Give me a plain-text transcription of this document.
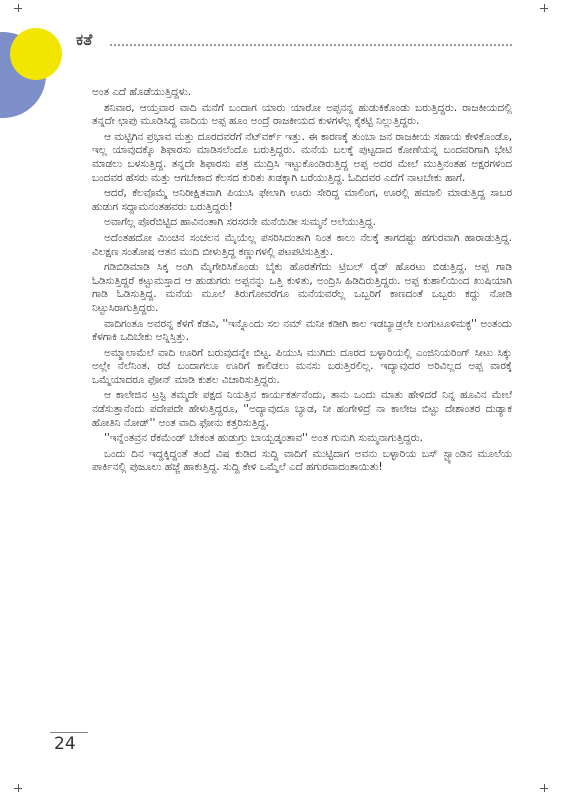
ಕತೆ

ಅಂತ ಎದೆ ಹೊಡೆಯುತ್ತಿದ್ದಳು.

ಶನಿವಾರ, ಆಯ್ತವಾರ ವಾದಿ ಮನೆಗೆ ಬಂದಾಗ ಯಾರು ಯಾರೋ ಅಪ್ಪನನ್ನ ಹುಡುಕಿಕೊಂಡು ಬರುತ್ತಿದ್ದರು. ರಾಜಕೀಯದಲ್ಲಿ ತನ್ನದೇ ಛಾಪು ಮೂಡಿಸಿದ್ದ ವಾದಿಯ ಅಪ್ಪ ಹೂಂ ಅಂದ್ರೆ ರಾಜಕೀಯದ ಕುಳಗಳೆಲ್ಲ ಕೈಕಟ್ಟಿ ನಿಲ್ಲುತ್ತಿದ್ದರು.

ಆ ಮಟ್ಟಿಗಿನ ಪ್ರಭಾವ ಮತ್ತು ದೂರದವರೆಗೆ ನೆಟ್‌ವರ್ಕ್ ಇತ್ತು. ಈ ಕಾರಣಕ್ಕೆ ತುಂಬಾ ಜನ ರಾಜಕೀಯ ಸಹಾಯ ಕೇಳಿಕೊಂಡೊ, ಇಲ್ಲ ಯಾವುದಕ್ಕೊ ಶಿಫಾರಸು ಮಾಡಿಸಲೆಂದೊ ಬರುತ್ತಿದ್ದರು. ಮನೆಯ ಬಲಕ್ಕೆ ಪುಟ್ಟದಾದ ಕೋಣೆಯನ್ನ ಬಂದವರಿಗಾಗಿ ಭೇಟಿ ಮಾಡಲು ಬಳಸುತ್ತಿದ್ದ. ತನ್ನದೇ ಶಿಫಾರಸು ಪತ್ರ ಮುದ್ರಿಸಿ ಇಟ್ಟುಕೊಂಡಿರುತ್ತಿದ್ದ ಅಪ್ಪ ಅದರ ಮೇಲೆ ಮುತ್ತಿನಂತಹ ಅಕ್ಷರಗಳಿಂದ ಬಂದವರ ಹೆಸರು ಮತ್ತು ಆಗಬೇಕಾದ ಕೆಲಸದ ಕುರಿತು ಖಡಕ್ಕಾಗಿ ಬರೆಯುತ್ತಿದ್ದ. ಓದಿದವರ ಎದೆಗೆ ನಾಟಬೇಕು ಹಾಗೆ.

ಆದರೆ, ಕೆಲವೊಮ್ಮೆ ಅನಿರೀಕ್ಷಿತವಾಗಿ ಪಿಯುಸಿ ಫೇಲಾಗಿ ಊರು ಸೇರಿದ್ದ ಮಾಲಿಂಗ, ಊರಲ್ಲಿ ಹಮಾಲಿ ಮಾಡುತ್ತಿದ್ದ ಸಾಬರ ಹುಡುಗ ಸದ್ದಾಮನಂತಹವರು ಬರುತ್ತಿದ್ದರು!

ಅವಾಗೆಲ್ಲ ಪೊರೆಬಿಟ್ಟಿದ ಹಾವಿನಂತಾಗಿ ಸರಸರನೇ ಮನೆಯಿಡೀ ಸುಮ್ಮನೆ ಅಲೆಯುತ್ತಿದ್ದ.

ಅದೆಂತಹದೋ ಮಿಂಚಿನ ಸಂಚಲನ ಮೈಯೆಲ್ಲ ಪಸರಿಸಿದಂತಾಗಿ ನಿಂತ ಕಾಲು ನೆಲಕ್ಕೆ ತಾಗದಷ್ಟು ಹಗುರವಾಗಿ ಹಾರಾಡುತ್ತಿದ್ದ. ವಿಲಕ್ಷಣ ಸಂತೋಷ ಆತನ ಮುದಿ ಬೀಳುತ್ತಿದ್ದ ಕಣ್ಣುಗಳಲ್ಲಿ ಪಟಪಟಿಸುತ್ತಿತ್ತು.

ಗಡಿಬಿಡಿಮಾಡಿ ಸಿಕ್ಕ ಅಂಗಿ ಮೈಗೇರಿಸಿಕೊಂಡು ಬೈಕು ಹೊರತೆಗೆದು ಟ್ರಿಬಲ್ ರೈಡ್ ಹೊರಟು ಬಿಡುತ್ತಿದ್ದ. ಅಪ್ಪ ಗಾಡಿ ಓಡಿಸುತ್ತಿದ್ದರೆ ಕಟ್ಟುಮಸ್ತಾದ ಆ ಹುಡುಗರು ಅಪ್ಪನನ್ನು ಒತ್ತಿ ಕುಳಿತು, ಅಂದ್ರಿಸಿ ಹಿಡಿದಿರುತ್ತಿದ್ದರು. ಅಪ್ಪ ಕುಶಾಲಿಯಿಂದ ಖುಷಿಯಾಗಿ ಗಾಡಿ ಓಡಿಸುತ್ತಿದ್ದ. ಮನೆಯ ಮೂಲೆ ತಿರುಗೋವರೆಗೂ ಮನೆಯವರೆಲ್ಲ ಒಬ್ಬರಿಗೆ ಕಾಣದಂತೆ ಒಬ್ಬರು ಕದ್ದು ನೋಡಿ ನಿಟ್ಟುಸಿರಾಗುತ್ತಿದ್ದರು.

ವಾದಿಗಂತೂ ಅವರನ್ನ ಕೆಳಗೆ ಕೆಡವಿ, ''ಇನ್ನೊಂದು ಸಲ ನಮ್ ಮನೀ ಕಡೀಗಿ ಕಾಲ ಇಡಬ್ಯಾಡ್ರಲೇ ಲಂಗುಟೂಳಿಮಕ್ಳ'' ಅಂತಂದು ಕೆಳಗಾಕಿ ಒದಿಬೇಕು ಅನ್ನಿಸ್ತಿತ್ತು.

ಅಮ್ಮಾಲಾಮೆಲೆ ವಾದಿ ಊರಿಗೆ ಬರುವುದನ್ನೇ ಬಿಟ್ಟ. ಪಿಯುಸಿ ಮುಗಿದು ದೂರದ ಬಳ್ಳಾರಿಯಲ್ಲಿ ಎಂಜಿನಿಯರಿಂಗ್ ಸೀಟು ಸಿಕ್ಕು ಅಲ್ಲೇ ನೆಲೆನಿಂತ. ರಜೆ ಬಂದಾಗಲೂ ಊರಿಗೆ ಕಾಲಿಡಲು ಮನಸು ಬರುತ್ತಿರಲಿಲ್ಲ. ಇದ್ಯಾವುದರ ಅರಿವಿಲ್ಲದ ಅಪ್ಪ ವಾರಕ್ಕೆ ಒಮ್ಮೆಯಾದರೂ ಫೋನ್ ಮಾಡಿ ಕುಶಲ ವಿಚಾರಿಸುತ್ತಿದ್ದರು.

ಆ ಕಾಲೇಜಿನ ಟ್ರಸ್ಟಿ ತಮ್ಮದೇ ಪಕ್ಷದ ನಿಯತ್ತಿನ ಕಾರ್ಯಕರ್ತನೆಂದು, ತಾನು ಒಂದು ಮಾತು ಹೇಳಿದರೆ ನಿನ್ನ ಹೂವಿನ ಮೇಲೆ ನಡೆಸುತ್ತಾನೆಂದು ಪದೇಪದೇ ಹೇಳುತ್ತಿದ್ದರೂ, ''ಅದ್ಯಾವುದೂ ಬ್ಯಾಡ, ನೀ ಹಂಗೇಳಿದ್ರೆ ನಾ ಕಾಲೇಜ ಬಿಟ್ಟು ದೇಶಾಂತರ ದುಡ್ಯಾಕ ಹೋತಿನಿ ನೋಡ್'' ಅಂತ ವಾದಿ ಫೋನು ಕತ್ತರಿಸುತ್ತಿದ್ದ.

''ಇನ್ನೆಂತವ್ರನ ರೆಕಮೆಂಡ್ ಬೇಕಂತ ಹುಡುಗ್ರು ಬಾಯ್ಬಡ್ಕಂತಾವ'' ಅಂತ ಗುನುಗಿ ಸುಮ್ಮನಾಗುತ್ತಿದ್ದರು.

ಒಂದು ದಿನ ಇದ್ದಕ್ಕಿದ್ದಂತೆ ತಂದೆ ವಿಷ ಕುಡಿದ ಸುದ್ದಿ ವಾದಿಗೆ ಮುಟ್ಟಿದಾಗ ಅವನು ಬಳ್ಳಾರಿಯ ಬಸ್ ಸ್ಟ್ಯಾಂಡಿನ ಮೂಲೆಯ ಪಾರ್ಕಿನಲ್ಲಿ ಪುಜೂಲು ಹಜ್ಜೆ ಹಾಕುತ್ತಿದ್ದ. ಸುದ್ದಿ ಕೇಳಿ ಒಮ್ಮೆಲೆ ಎದೆ ಹಗುರವಾದಂತಾಯಿತು!

24
